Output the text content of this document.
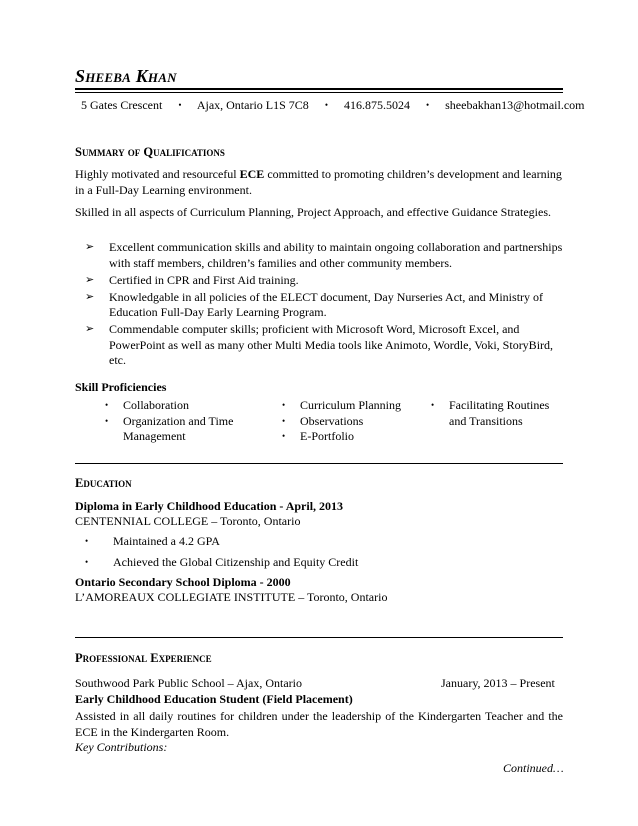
Sheeba Khan
5 Gates Crescent • Ajax, Ontario L1S 7C8 • 416.875.5024 • sheebakhan13@hotmail.com
Summary of Qualifications
Highly motivated and resourceful ECE committed to promoting children’s development and learning in a Full-Day Learning environment.
Skilled in all aspects of Curriculum Planning, Project Approach, and effective Guidance Strategies.
➢ Excellent communication skills and ability to maintain ongoing collaboration and partnerships with staff members, children’s families and other community members.
➢ Certified in CPR and First Aid training.
➢ Knowledgable in all policies of the ELECT document, Day Nurseries Act, and Ministry of Education Full-Day Early Learning Program.
➢ Commendable computer skills; proficient with Microsoft Word, Microsoft Excel, and PowerPoint as well as many other Multi Media tools like Animoto, Wordle, Voki, StoryBird, etc.
Skill Proficiencies
• Collaboration
• Organization and Time Management
• Curriculum Planning
• Observations
• E-Portfolio
• Facilitating Routines and Transitions
Education
Diploma in Early Childhood Education - April, 2013
CENTENNIAL COLLEGE – Toronto, Ontario
• Maintained a 4.2 GPA
• Achieved the Global Citizenship and Equity Credit
Ontario Secondary School Diploma - 2000
L’AMOREAUX COLLEGIATE INSTITUTE – Toronto, Ontario
Professional Experience
Southwood Park Public School – Ajax, Ontario	January, 2013 – Present
Early Childhood Education Student (Field Placement)
Assisted in all daily routines for children under the leadership of the Kindergarten Teacher and the ECE in the Kindergarten Room.
Key Contributions:
Continued…
